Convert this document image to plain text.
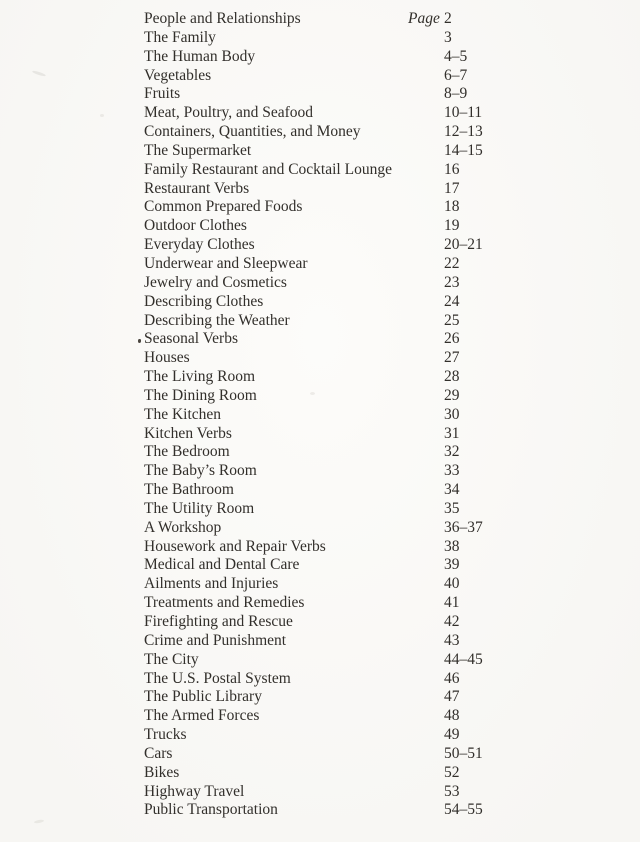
People and Relationships	Page 2
The Family	3
The Human Body	4–5
Vegetables	6–7
Fruits	8–9
Meat, Poultry, and Seafood	10–11
Containers, Quantities, and Money	12–13
The Supermarket	14–15
Family Restaurant and Cocktail Lounge	16
Restaurant Verbs	17
Common Prepared Foods	18
Outdoor Clothes	19
Everyday Clothes	20–21
Underwear and Sleepwear	22
Jewelry and Cosmetics	23
Describing Clothes	24
Describing the Weather	25
Seasonal Verbs	26
Houses	27
The Living Room	28
The Dining Room	29
The Kitchen	30
Kitchen Verbs	31
The Bedroom	32
The Baby’s Room	33
The Bathroom	34
The Utility Room	35
A Workshop	36–37
Housework and Repair Verbs	38
Medical and Dental Care	39
Ailments and Injuries	40
Treatments and Remedies	41
Firefighting and Rescue	42
Crime and Punishment	43
The City	44–45
The U.S. Postal System	46
The Public Library	47
The Armed Forces	48
Trucks	49
Cars	50–51
Bikes	52
Highway Travel	53
Public Transportation	54–55
